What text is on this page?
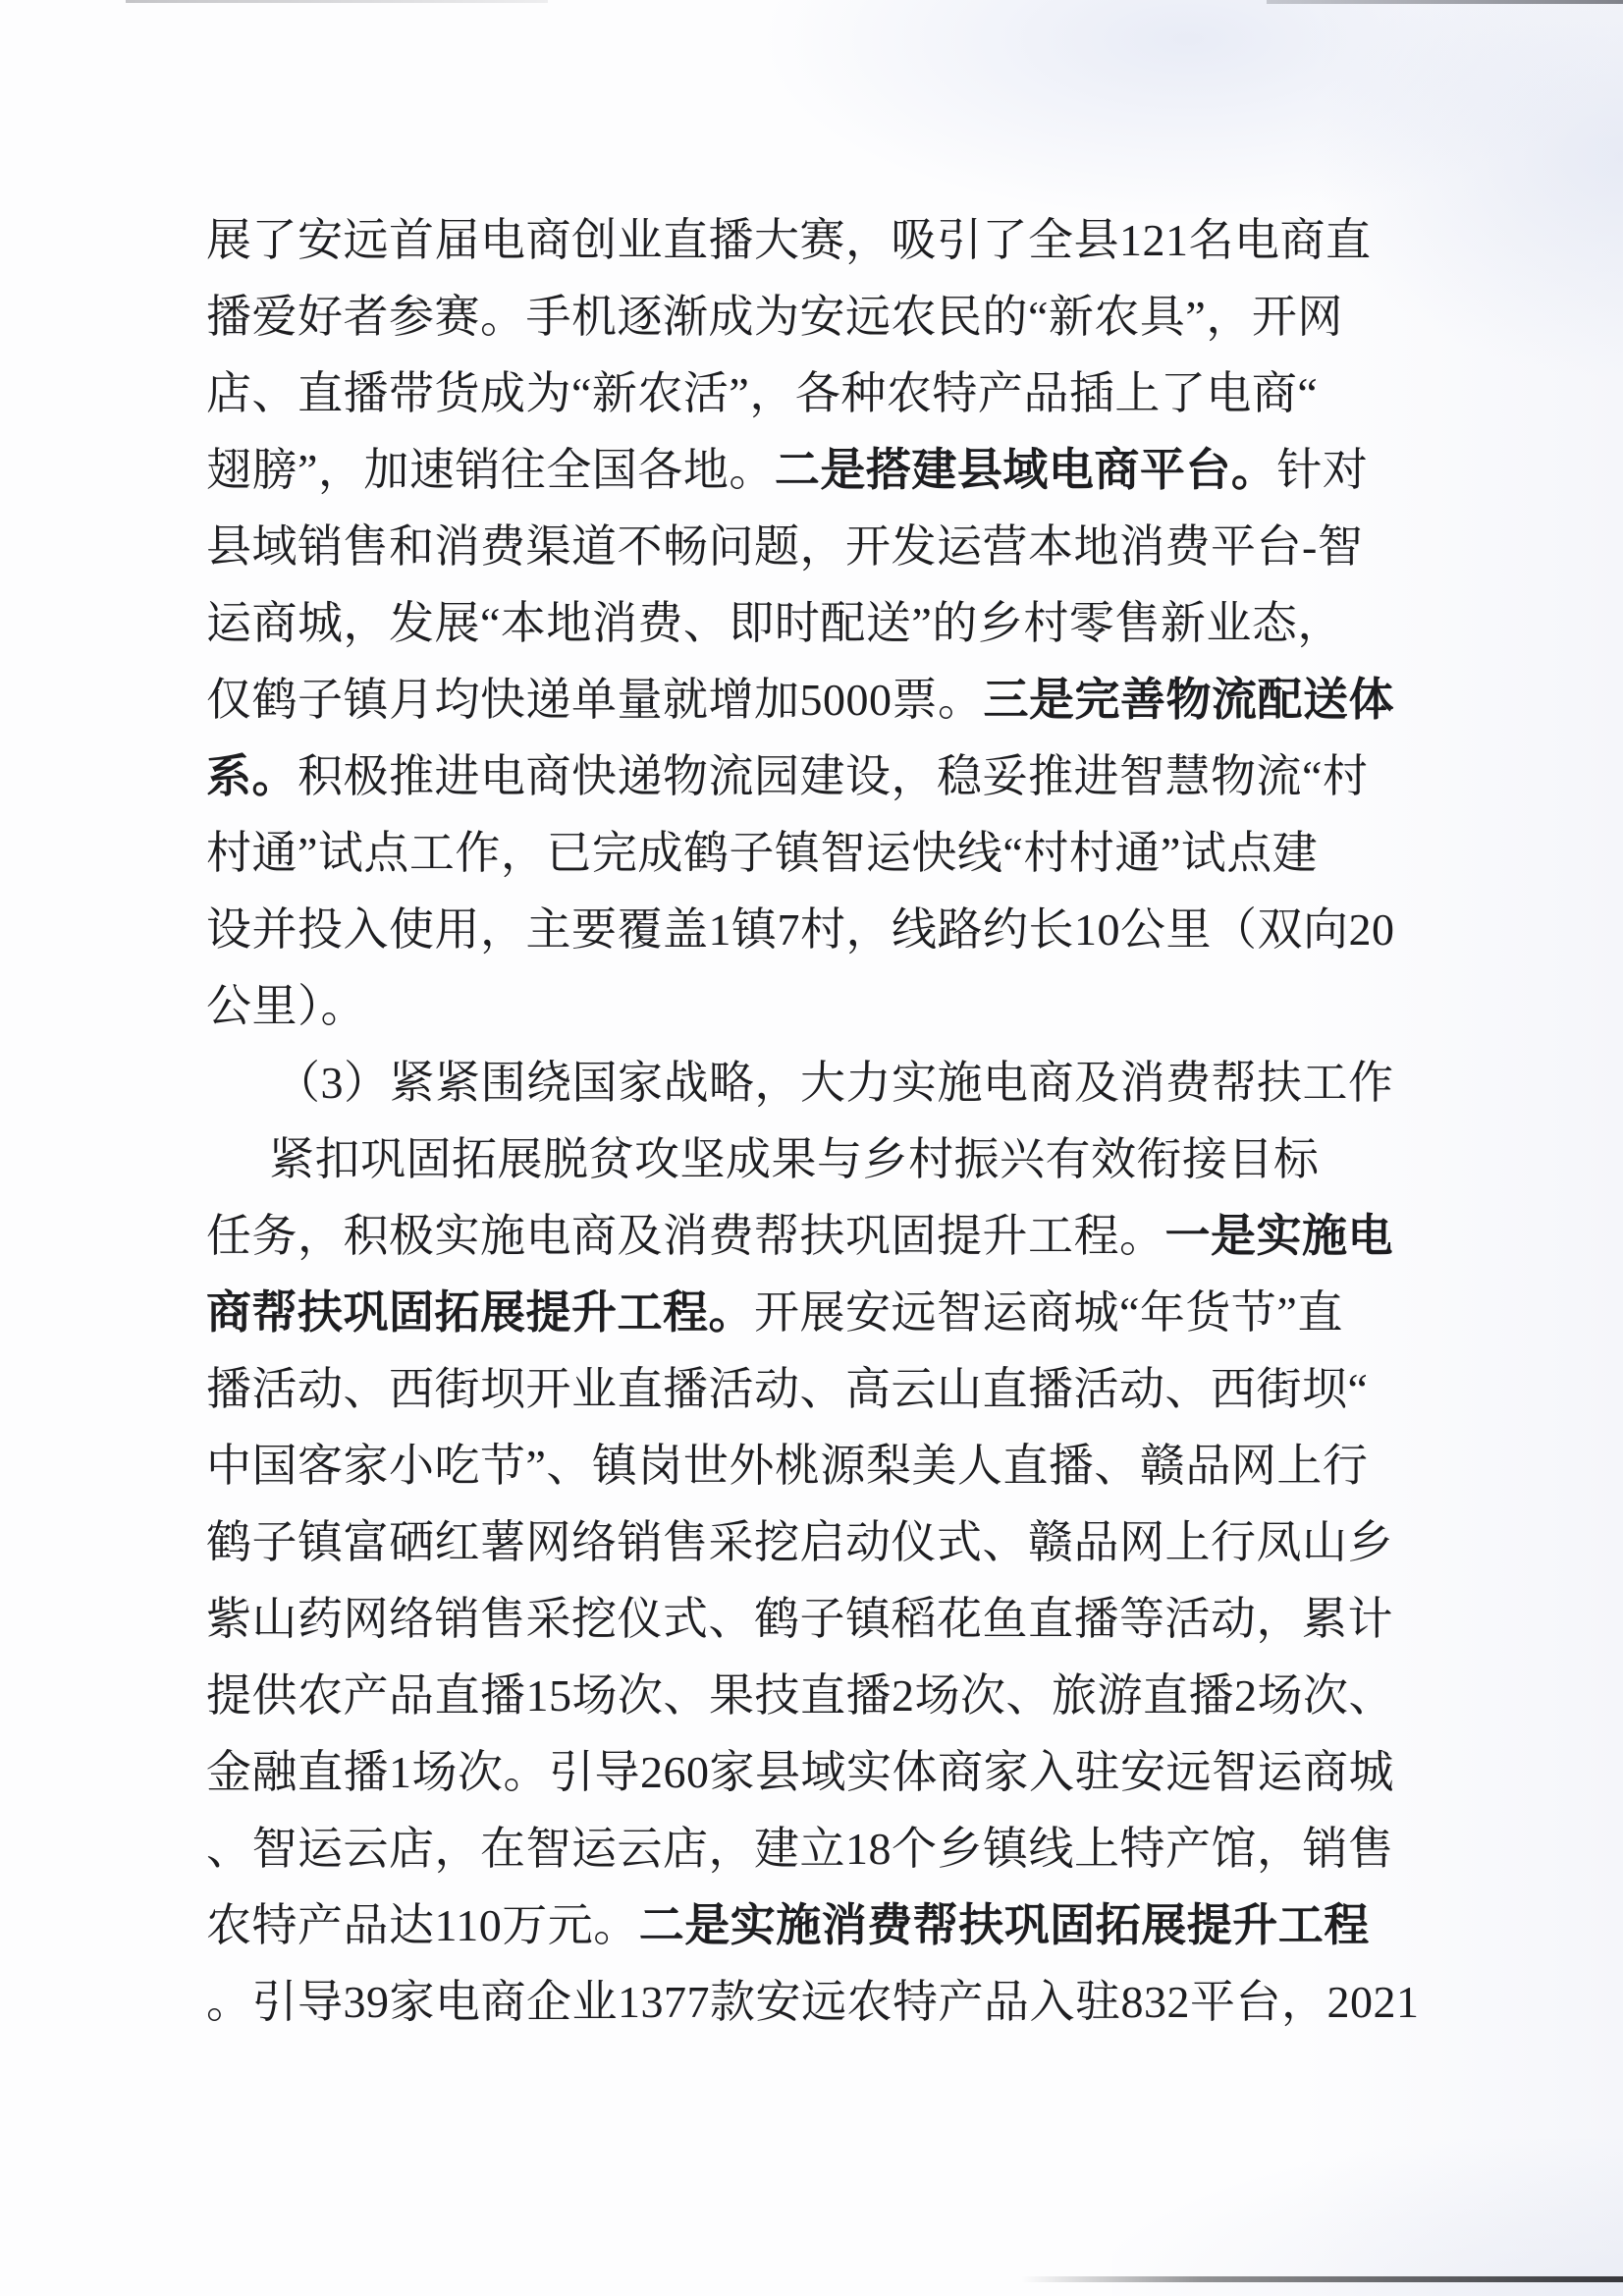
展了安远首届电商创业直播大赛，吸引了全县121名电商直
播爱好者参赛。手机逐渐成为安远农民的“新农具”，开网
店、直播带货成为“新农活”，各种农特产品插上了电商“
翅膀”，加速销往全国各地。二是搭建县域电商平台。针对
县域销售和消费渠道不畅问题，开发运营本地消费平台-智
运商城，发展“本地消费、即时配送”的乡村零售新业态，
仅鹤子镇月均快递单量就增加5000票。三是完善物流配送体
系。积极推进电商快递物流园建设，稳妥推进智慧物流“村
村通”试点工作，已完成鹤子镇智运快线“村村通”试点建
设并投入使用，主要覆盖1镇7村，线路约长10公里（双向20
公里）。
（3）紧紧围绕国家战略，大力实施电商及消费帮扶工作
紧扣巩固拓展脱贫攻坚成果与乡村振兴有效衔接目标
任务，积极实施电商及消费帮扶巩固提升工程。一是实施电
商帮扶巩固拓展提升工程。开展安远智运商城“年货节”直
播活动、西街坝开业直播活动、高云山直播活动、西街坝“
中国客家小吃节”、镇岗世外桃源梨美人直播、赣品网上行
鹤子镇富硒红薯网络销售采挖启动仪式、赣品网上行凤山乡
紫山药网络销售采挖仪式、鹤子镇稻花鱼直播等活动，累计
提供农产品直播15场次、果技直播2场次、旅游直播2场次、
金融直播1场次。引导260家县域实体商家入驻安远智运商城
、智运云店，在智运云店，建立18个乡镇线上特产馆，销售
农特产品达110万元。二是实施消费帮扶巩固拓展提升工程
。引导39家电商企业1377款安远农特产品入驻832平台，2021
